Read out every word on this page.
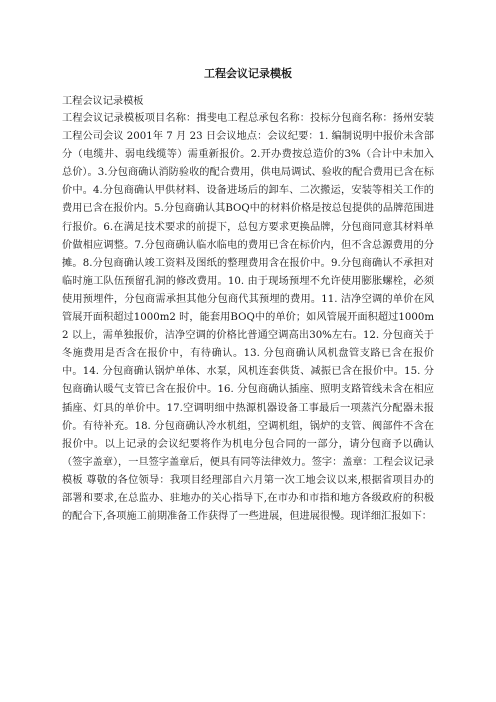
工程会议记录模板

工程会议记录模板

工程会议记录模板项目名称：揖斐电工程总承包名称：投标分包商名称：扬州安装工程公司会议 2001年 7 月 23 日会议地点：会议纪要：1. 编制说明中报价未含部分（电缆井、弱电线缆等）需重新报价。2.开办费按总造价的3%（合计中未加入总价）。3.分包商确认消防验收的配合费用，供电局调试、验收的配合费用已含在标价中。4.分包商确认甲供材料、设备进场后的卸车、二次搬运，安装等相关工作的费用已含在报价内。5.分包商确认其BOQ中的材料价格是按总包提供的品牌范围进行报价。6.在满足技术要求的前提下，总包方要求更换品牌，分包商同意其材料单价做相应调整。7.分包商确认临水临电的费用已含在标价内，但不含总源费用的分摊。8.分包商确认竣工资料及图纸的整理费用含在报价中。9.分包商确认不承担对临时施工队伍预留孔洞的修改费用。10. 由于现场预埋不允许使用膨胀螺栓，必须使用预埋件，分包商需承担其他分包商代其预埋的费用。11. 洁净空调的单价在风管展开面积超过1000m2 时，能套用BOQ中的单价；如风管展开面积超过1000m2 以上，需单独报价，洁净空调的价格比普通空调高出30%左右。12. 分包商关于冬施费用是否含在报价中，有待确认。13. 分包商确认风机盘管支路已含在报价中。14. 分包商确认锅炉单体、水泵，风机连套供货、减振已含在报价中。15. 分包商确认暖气支管已含在报价中。16. 分包商确认插座、照明支路管线未含在相应插座、灯具的单价中。17.空调明细中热源机器设备工事最后一项蒸汽分配器未报价。有待补充。18. 分包商确认冷水机组，空调机组，锅炉的支管、阀部件不含在报价中。以上记录的会议纪要将作为机电分包合同的一部分，请分包商予以确认（签字盖章），一旦签字盖章后，便具有同等法律效力。签字：盖章：工程会议记录模板 尊敬的各位领导：我项目经理部自六月第一次工地会议以来,根据省项目办的部署和要求,在总监办、驻地办的关心指导下,在市办和市指和地方各级政府的积极的配合下,各项施工前期准备工作获得了一些进展，但进展很慢。现详细汇报如下：
